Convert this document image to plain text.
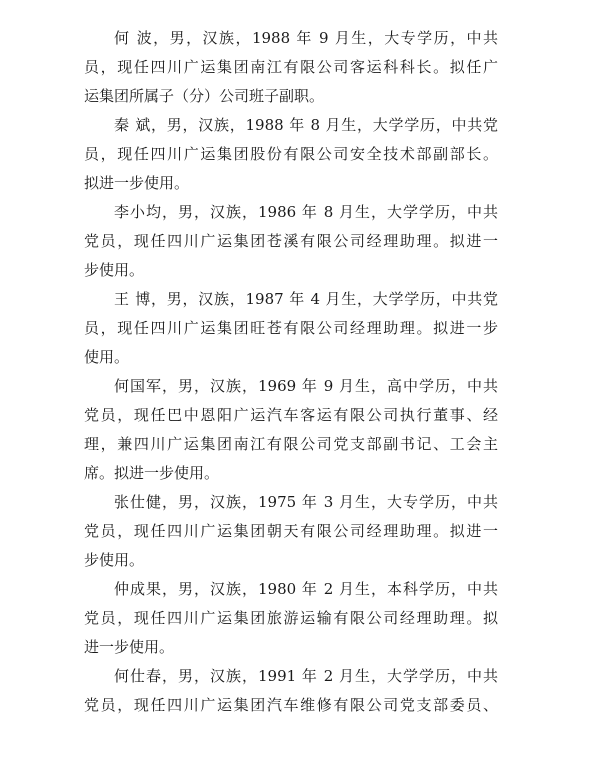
何 波，男，汉族，1988 年 9 月生，大专学历，中共
员，现任四川广运集团南江有限公司客运科科长。拟任广
运集团所属子（分）公司班子副职。
秦 斌，男，汉族，1988 年 8 月生，大学学历，中共党
员，现任四川广运集团股份有限公司安全技术部副部长。
拟进一步使用。
李小均，男，汉族，1986 年 8 月生，大学学历，中共
党员，现任四川广运集团苍溪有限公司经理助理。拟进一
步使用。
王 博，男，汉族，1987 年 4 月生，大学学历，中共党
员，现任四川广运集团旺苍有限公司经理助理。拟进一步
使用。
何国军，男，汉族，1969 年 9 月生，高中学历，中共
党员，现任巴中恩阳广运汽车客运有限公司执行董事、经
理，兼四川广运集团南江有限公司党支部副书记、工会主
席。拟进一步使用。
张仕健，男，汉族，1975 年 3 月生，大专学历，中共
党员，现任四川广运集团朝天有限公司经理助理。拟进一
步使用。
仲成果，男，汉族，1980 年 2 月生，本科学历，中共
党员，现任四川广运集团旅游运输有限公司经理助理。拟
进一步使用。
何仕春，男，汉族，1991 年 2 月生，大学学历，中共
党员，现任四川广运集团汽车维修有限公司党支部委员、
